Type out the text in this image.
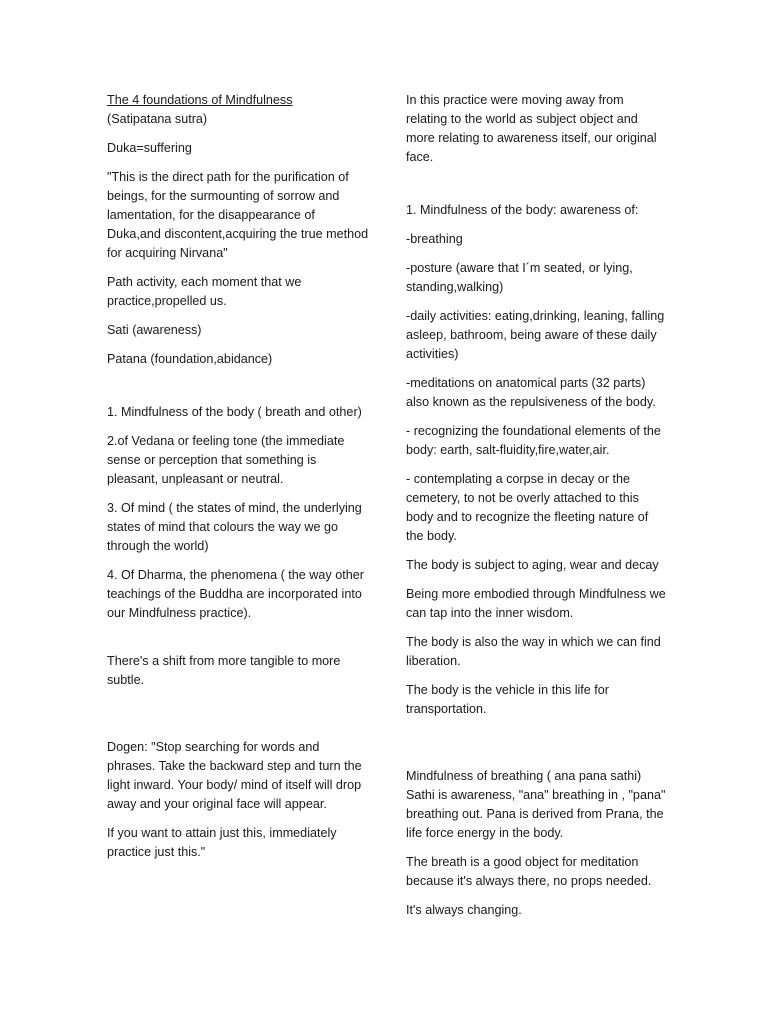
The 4 foundations of Mindfulness

(Satipatana sutra)

Duka=suffering

"This is the direct path for the purification of beings, for the surmounting of sorrow and lamentation, for the disappearance of Duka,and discontent,acquiring the true method for acquiring Nirvana"

Path activity, each moment that we practice,propelled us.

Sati (awareness)

Patana (foundation,abidance)

1. Mindfulness of the body ( breath and other)

2.of Vedana or feeling tone (the immediate sense or perception that something is pleasant, unpleasant or neutral.

3. Of mind ( the states of mind, the underlying states of mind that colours the way we go through the world)

4. Of Dharma, the phenomena ( the way other teachings of the Buddha are incorporated into our Mindfulness practice).

There's a shift from more tangible to more subtle.

Dogen: "Stop searching for words and phrases. Take the backward step and turn the light inward. Your body/ mind of itself will drop away and your original face will appear.

If you want to attain just this, immediately practice just this."

In this practice were moving away from relating to the world as subject object and more relating to awareness itself, our original face.

1. Mindfulness of the body: awareness of:

-breathing

-posture (aware that I´m seated, or lying, standing,walking)

-daily activities: eating,drinking, leaning, falling asleep, bathroom, being aware of these daily activities)

-meditations on anatomical parts (32 parts) also known as the repulsiveness of the body.

- recognizing the foundational elements of the body: earth, salt-fluidity,fire,water,air.

- contemplating a corpse in decay or the cemetery, to not be overly attached to this body and to recognize the fleeting nature of the body.

The body is subject to aging, wear and decay

Being more embodied through Mindfulness we can tap into the inner wisdom.

The body is also the way in which we can find liberation.

The body is the vehicle in this life for transportation.

Mindfulness of breathing ( ana pana sathi) Sathi is awareness, "ana" breathing in , "pana" breathing out. Pana is derived from Prana, the life force energy in the body.

The breath is a good object for meditation because it's always there, no props needed.

It's always changing.
